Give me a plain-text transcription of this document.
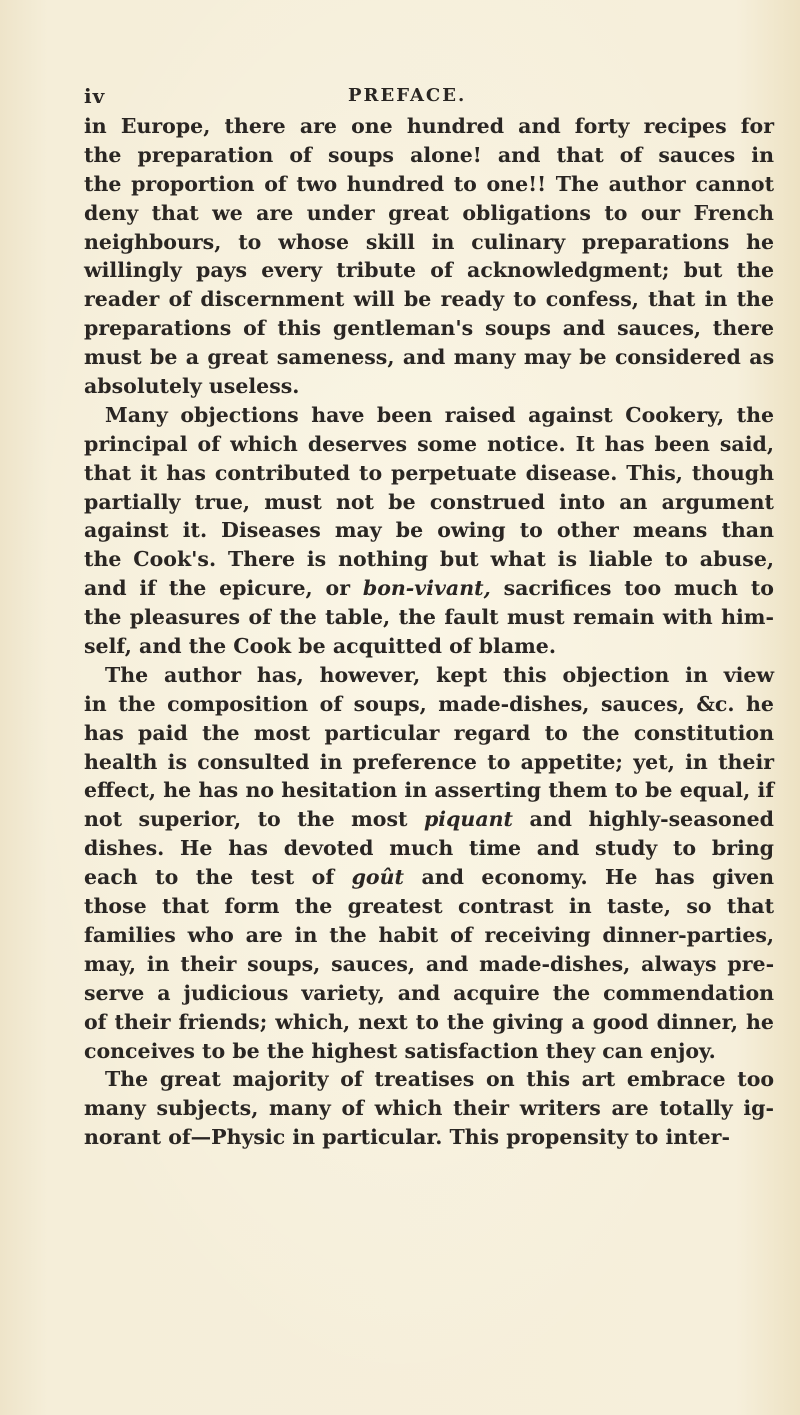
iv	PREFACE.
in Europe, there are one hundred and forty recipes for
the preparation of soups alone! and that of sauces in
the proportion of two hundred to one!! The author cannot
deny that we are under great obligations to our French
neighbours, to whose skill in culinary preparations he
willingly pays every tribute of acknowledgment; but the
reader of discernment will be ready to confess, that in the
preparations of this gentleman's soups and sauces, there
must be a great sameness, and many may be considered as
absolutely useless.
Many objections have been raised against Cookery, the
principal of which deserves some notice. It has been said,
that it has contributed to perpetuate disease. This, though
partially true, must not be construed into an argument
against it. Diseases may be owing to other means than
the Cook's. There is nothing but what is liable to abuse,
and if the epicure, or bon-vivant, sacrifices too much to
the pleasures of the table, the fault must remain with him-
self, and the Cook be acquitted of blame.
The author has, however, kept this objection in view
in the composition of soups, made-dishes, sauces, &c. he
has paid the most particular regard to the constitution
health is consulted in preference to appetite; yet, in their
effect, he has no hesitation in asserting them to be equal, if
not superior, to the most piquant and highly-seasoned
dishes. He has devoted much time and study to bring
each to the test of goût and economy. He has given
those that form the greatest contrast in taste, so that
families who are in the habit of receiving dinner-parties,
may, in their soups, sauces, and made-dishes, always pre-
serve a judicious variety, and acquire the commendation
of their friends; which, next to the giving a good dinner, he
conceives to be the highest satisfaction they can enjoy.
The great majority of treatises on this art embrace too
many subjects, many of which their writers are totally ig-
norant of—Physic in particular. This propensity to inter-
